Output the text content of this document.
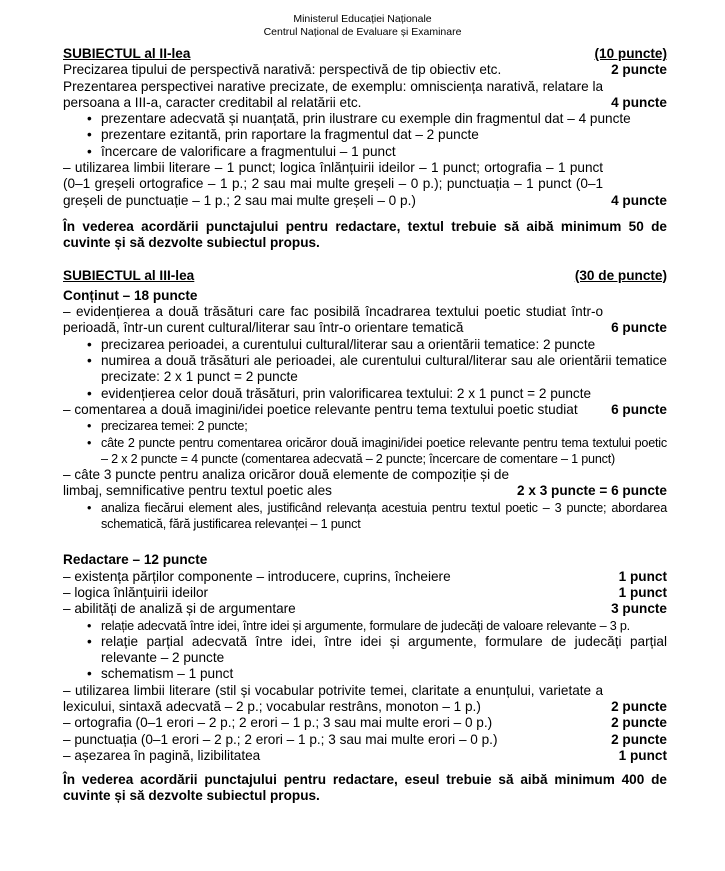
Ministerul Educației Naționale
Centrul Național de Evaluare și Examinare
SUBIECTUL al II-lea	(10 puncte)
Precizarea tipului de perspectivă narativă: perspectivă de tip obiectiv etc.	2 puncte
Prezentarea perspectivei narative precizate, de exemplu: omnisciența narativă, relatare la persoana a III-a, caracter creditabil al relatării etc.	4 puncte
• prezentare adecvată și nuanțată, prin ilustrare cu exemple din fragmentul dat – 4 puncte
• prezentare ezitantă, prin raportare la fragmentul dat – 2 puncte
• încercare de valorificare a fragmentului – 1 punct
– utilizarea limbii literare – 1 punct; logica înlănțuirii ideilor – 1 punct; ortografia – 1 punct (0–1 greșeli ortografice – 1 p.; 2 sau mai multe greșeli – 0 p.); punctuația – 1 punct (0–1 greșeli de punctuație – 1 p.; 2 sau mai multe greșeli – 0 p.)	4 puncte
În vederea acordării punctajului pentru redactare, textul trebuie să aibă minimum 50 de cuvinte și să dezvolte subiectul propus.
SUBIECTUL al III-lea	(30 de puncte)
Conținut – 18 puncte
– evidențierea a două trăsături care fac posibilă încadrarea textului poetic studiat într-o perioadă, într-un curent cultural/literar sau într-o orientare tematică	6 puncte
• precizarea perioadei, a curentului cultural/literar sau a orientării tematice: 2 puncte
• numirea a două trăsături ale perioadei, ale curentului cultural/literar sau ale orientării tematice precizate: 2 x 1 punct = 2 puncte
• evidențierea celor două trăsături, prin valorificarea textului: 2 x 1 punct = 2 puncte
– comentarea a două imagini/idei poetice relevante pentru tema textului poetic studiat	6 puncte
• precizarea temei: 2 puncte;
• câte 2 puncte pentru comentarea oricăror două imagini/idei poetice relevante pentru tema textului poetic – 2 x 2 puncte = 4 puncte (comentarea adecvată – 2 puncte; încercare de comentare – 1 punct)
– câte 3 puncte pentru analiza oricăror două elemente de compoziție și de limbaj, semnificative pentru textul poetic ales	2 x 3 puncte = 6 puncte
• analiza fiecărui element ales, justificând relevanța acestuia pentru textul poetic – 3 puncte; abordarea schematică, fără justificarea relevanței – 1 punct
Redactare – 12 puncte
– existența părților componente – introducere, cuprins, încheiere	1 punct
– logica înlănțuirii ideilor	1 punct
– abilități de analiză și de argumentare	3 puncte
• relație adecvată între idei, între idei și argumente, formulare de judecăți de valoare relevante – 3 p.
• relație parțial adecvată între idei, între idei și argumente, formulare de judecăți parțial relevante – 2 puncte
• schematism – 1 punct
– utilizarea limbii literare (stil și vocabular potrivite temei, claritate a enunțului, varietate a lexicului, sintaxă adecvată – 2 p.; vocabular restrâns, monoton – 1 p.)	2 puncte
– ortografia (0–1 erori – 2 p.; 2 erori – 1 p.; 3 sau mai multe erori – 0 p.)	2 puncte
– punctuația (0–1 erori – 2 p.; 2 erori – 1 p.; 3 sau mai multe erori – 0 p.)	2 puncte
– așezarea în pagină, lizibilitatea	1 punct
În vederea acordării punctajului pentru redactare, eseul trebuie să aibă minimum 400 de cuvinte și să dezvolte subiectul propus.
